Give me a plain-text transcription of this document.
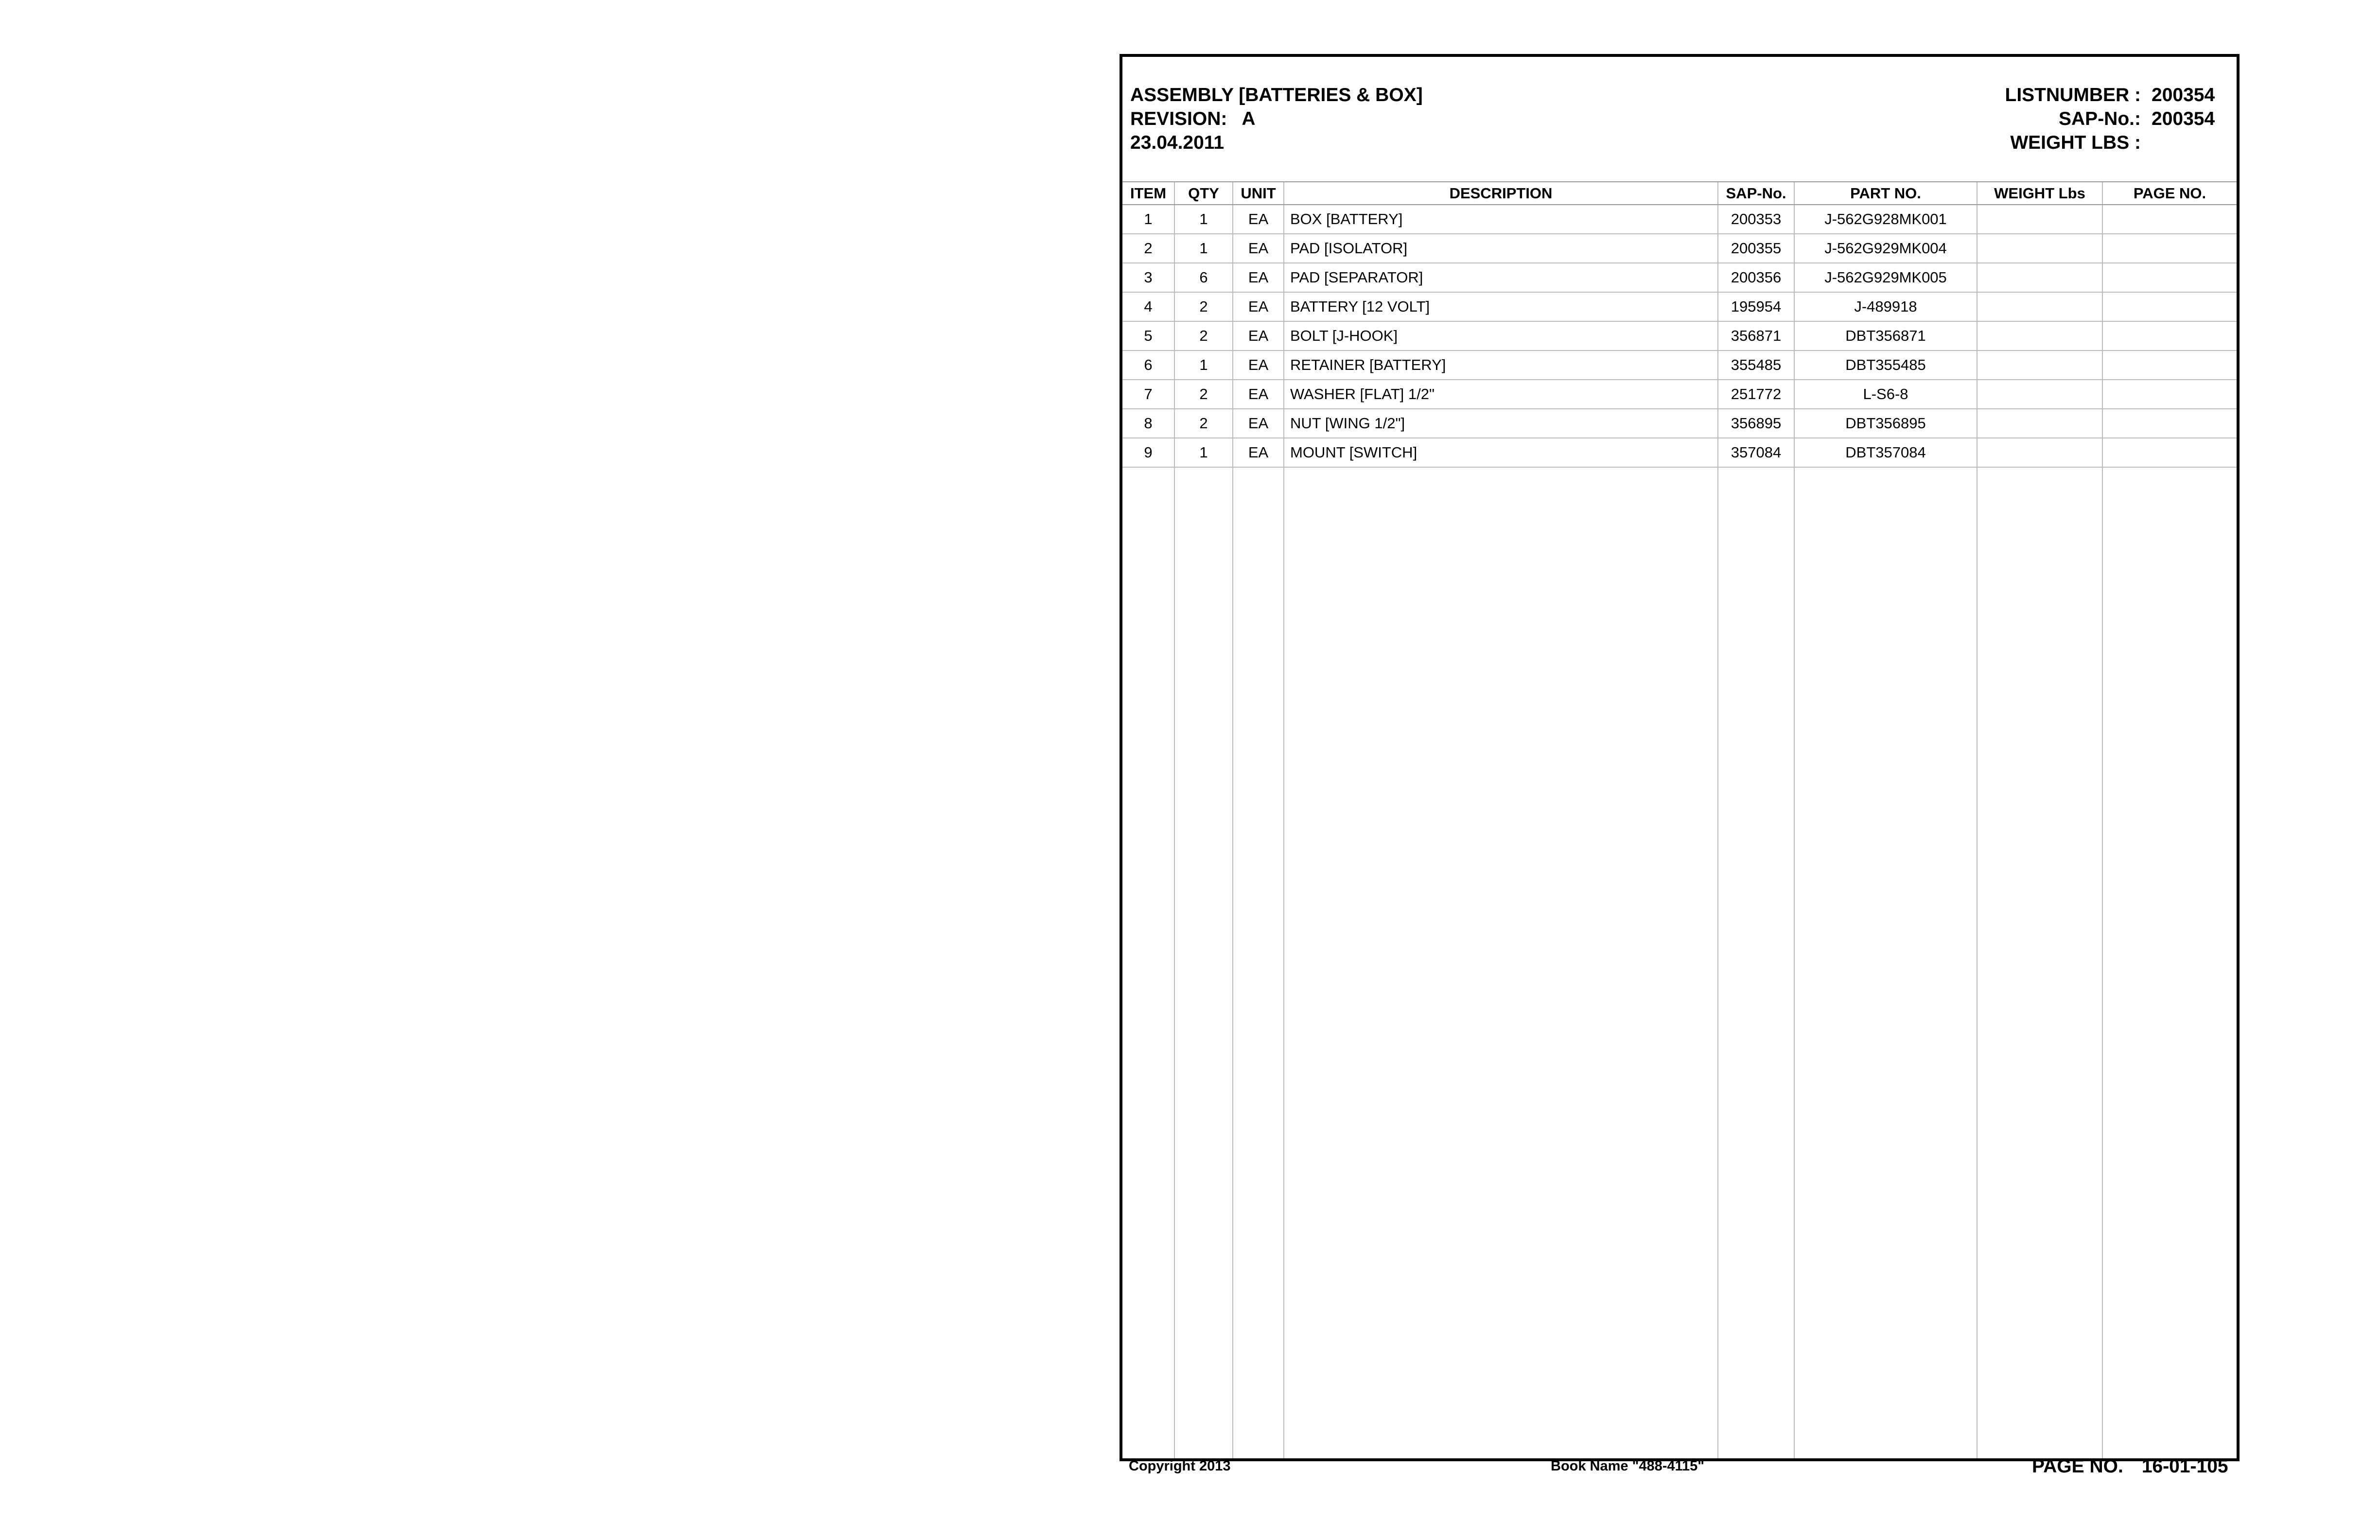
ASSEMBLY [BATTERIES & BOX]
REVISION: A
23.04.2011
LISTNUMBER : 200354
SAP-No.: 200354
WEIGHT LBS :
ITEM	QTY	UNIT	DESCRIPTION	SAP-No.	PART NO.	WEIGHT Lbs	PAGE NO.
1	1	EA	BOX [BATTERY]	200353	J-562G928MK001		
2	1	EA	PAD [ISOLATOR]	200355	J-562G929MK004		
3	6	EA	PAD [SEPARATOR]	200356	J-562G929MK005		
4	2	EA	BATTERY [12 VOLT]	195954	J-489918		
5	2	EA	BOLT [J-HOOK]	356871	DBT356871		
6	1	EA	RETAINER [BATTERY]	355485	DBT355485		
7	2	EA	WASHER [FLAT] 1/2"	251772	L-S6-8		
8	2	EA	NUT [WING 1/2"]	356895	DBT356895		
9	1	EA	MOUNT [SWITCH]	357084	DBT357084		

Copyright 2013	Book Name "488-4115"	PAGE NO. 16-01-105
